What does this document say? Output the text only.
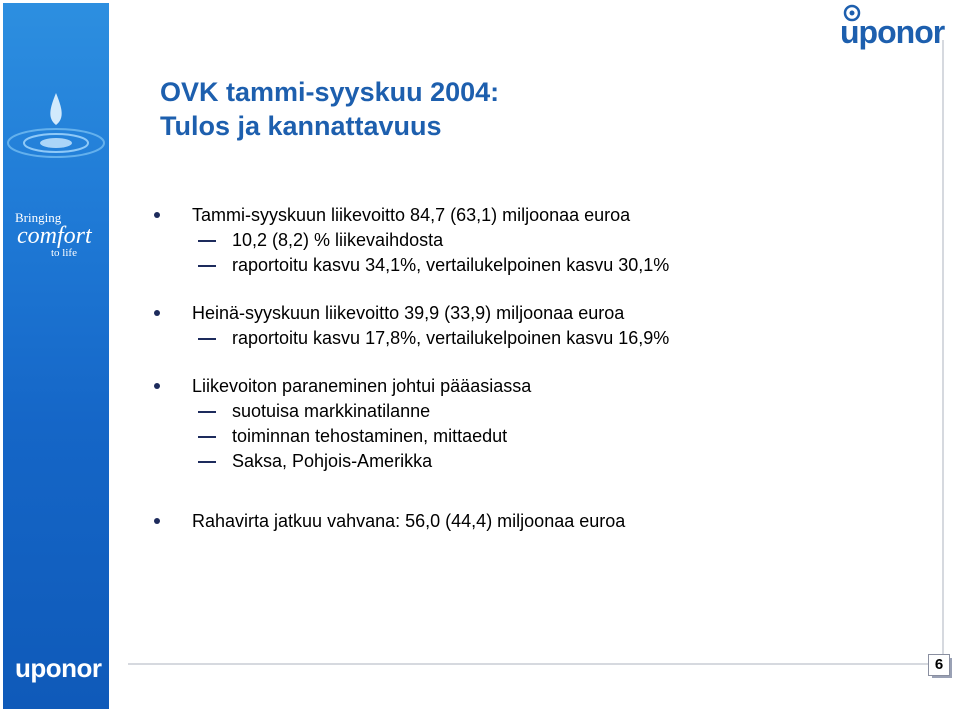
Bringing
comfort
to life
uponor
uponor
OVK tammi-syyskuu 2004:
Tulos ja kannattavuus
Tammi-syyskuun liikevoitto 84,7 (63,1) miljoonaa euroa
10,2 (8,2) % liikevaihdosta
raportoitu kasvu 34,1%, vertailukelpoinen kasvu 30,1%
Heinä-syyskuun liikevoitto 39,9 (33,9) miljoonaa euroa
raportoitu kasvu 17,8%, vertailukelpoinen kasvu 16,9%
Liikevoiton paraneminen johtui pääasiassa
suotuisa markkinatilanne
toiminnan tehostaminen, mittaedut
Saksa, Pohjois-Amerikka
Rahavirta jatkuu vahvana: 56,0 (44,4) miljoonaa euroa
6
